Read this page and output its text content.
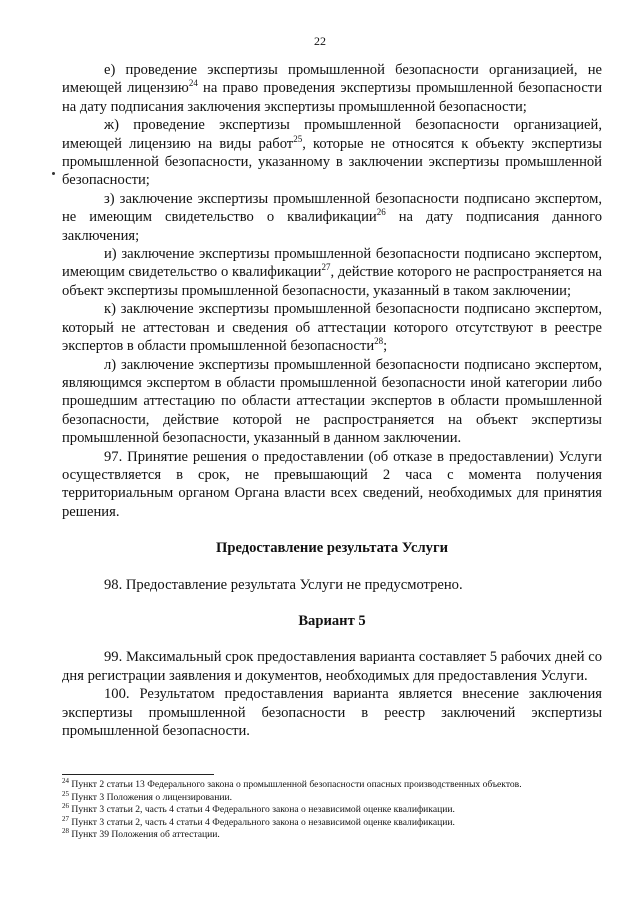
22

е) проведение экспертизы промышленной безопасности организацией, не имеющей лицензию$^{24}$ на право проведения экспертизы промышленной безопасности на дату подписания заключения экспертизы промышленной безопасности;

ж) проведение экспертизы промышленной безопасности организацией, имеющей лицензию на виды работ$^{25}$, которые не относятся к объекту экспертизы промышленной безопасности, указанному в заключении экспертизы промышленной безопасности;

з) заключение экспертизы промышленной безопасности подписано экспертом, не имеющим свидетельство о квалификации$^{26}$ на дату подписания данного заключения;

и) заключение экспертизы промышленной безопасности подписано экспертом, имеющим свидетельство о квалификации$^{27}$, действие которого не распространяется на объект экспертизы промышленной безопасности, указанный в таком заключении;

к) заключение экспертизы промышленной безопасности подписано экспертом, который не аттестован и сведения об аттестации которого отсутствуют в реестре экспертов в области промышленной безопасности$^{28}$;

л) заключение экспертизы промышленной безопасности подписано экспертом, являющимся экспертом в области промышленной безопасности иной категории либо прошедшим аттестацию по области аттестации экспертов в области промышленной безопасности, действие которой не распространяется на объект экспертизы промышленной безопасности, указанный в данном заключении.

97. Принятие решения о предоставлении (об отказе в предоставлении) Услуги осуществляется в срок, не превышающий 2 часа с момента получения территориальным органом Органа власти всех сведений, необходимых для принятия решения.

Предоставление результата Услуги

98. Предоставление результата Услуги не предусмотрено.

Вариант 5

99. Максимальный срок предоставления варианта составляет 5 рабочих дней со дня регистрации заявления и документов, необходимых для предоставления Услуги.

100. Результатом предоставления варианта является внесение заключения экспертизы промышленной безопасности в реестр заключений экспертизы промышленной безопасности.

$^{24}$ Пункт 2 статьи 13 Федерального закона о промышленной безопасности опасных производственных объектов.
$^{25}$ Пункт 3 Положения о лицензировании.
$^{26}$ Пункт 3 статьи 2, часть 4 статьи 4 Федерального закона о независимой оценке квалификации.
$^{27}$ Пункт 3 статьи 2, часть 4 статьи 4 Федерального закона о независимой оценке квалификации.
$^{28}$ Пункт 39 Положения об аттестации.
